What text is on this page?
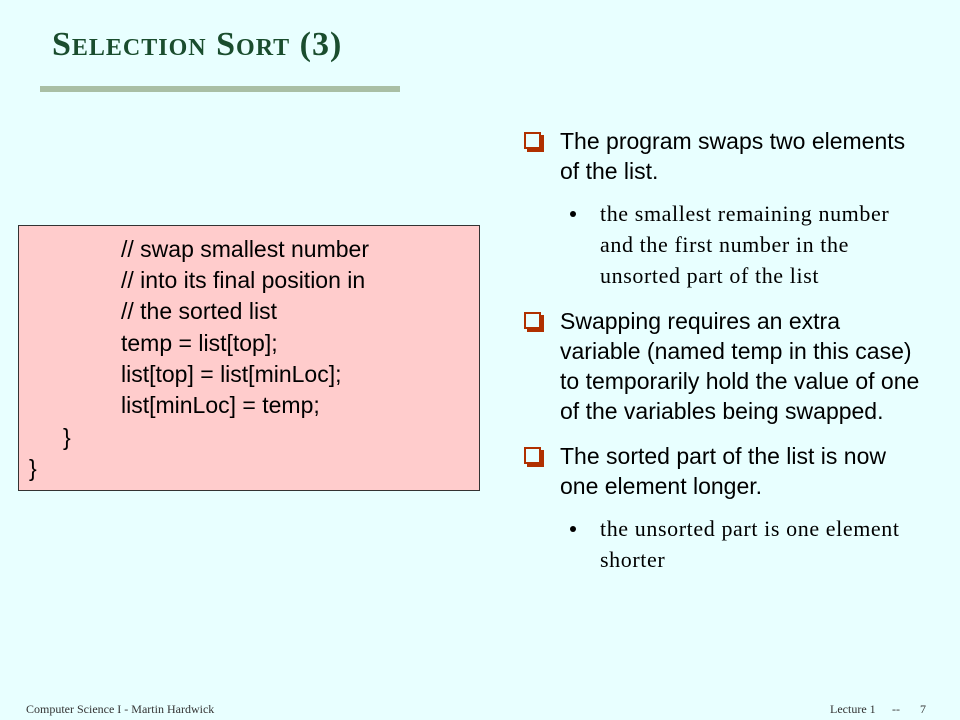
Selection Sort (3)
// swap smallest number
// into its final position in
// the sorted list
temp = list[top];
list[top] = list[minLoc];
list[minLoc] = temp;
}
}
The program swaps two elements of the list.
the smallest remaining number and the first number in the unsorted part of the list
Swapping requires an extra variable (named temp in this case) to temporarily hold the value of one of the variables being swapped.
The sorted part of the list is now one element longer.
the unsorted part is one element shorter
Computer Science I - Martin Hardwick	Lecture 1 -- 7
